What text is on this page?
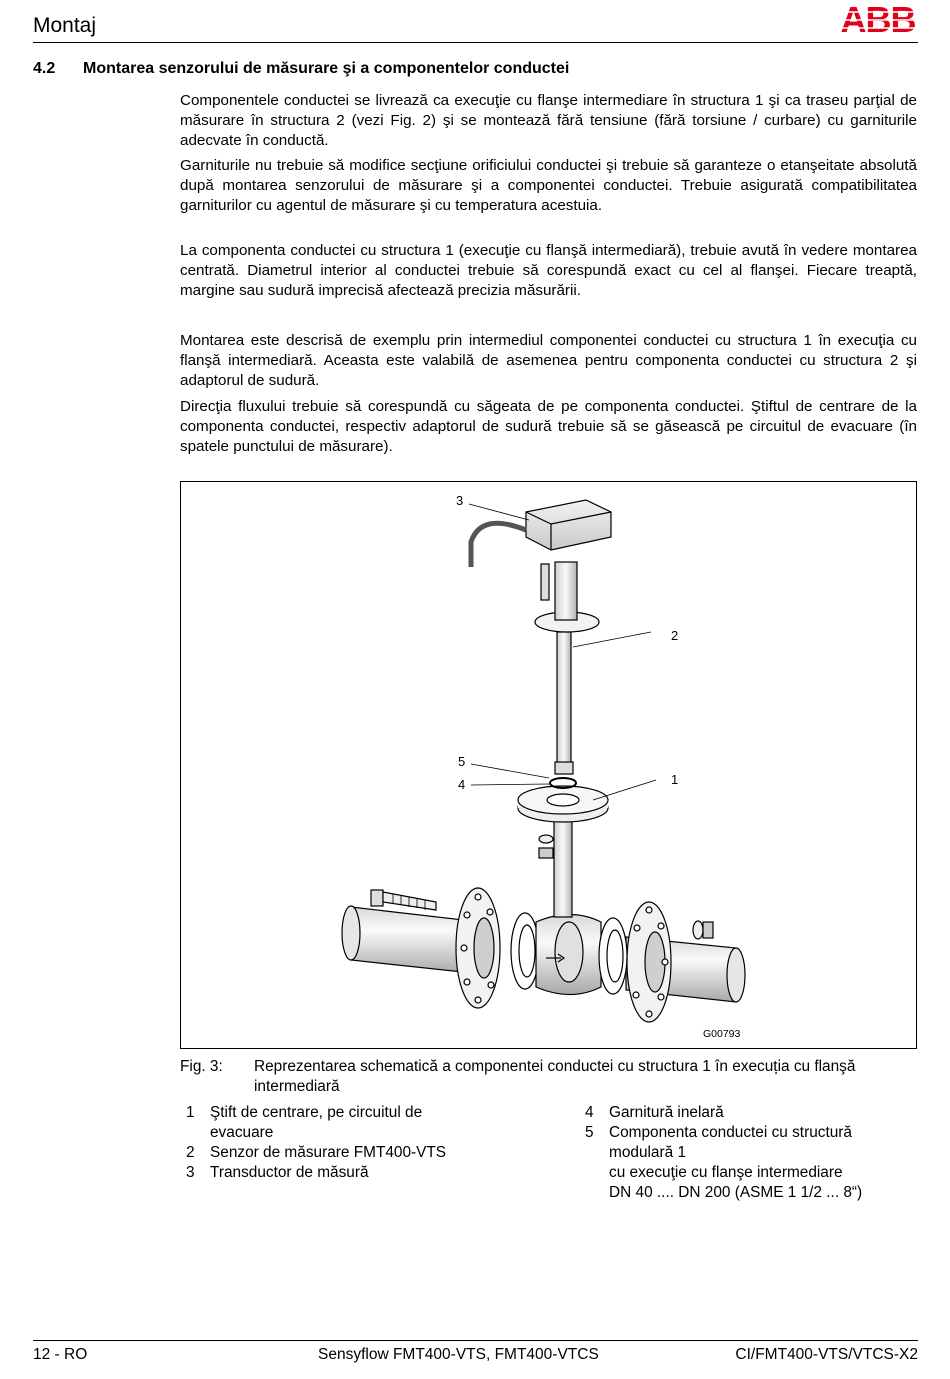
Montaj	ABB
4.2 Montarea senzorului de măsurare şi a componentelor conductei

Componentele conductei se livrează ca execuţie cu flanşe intermediare în structura 1 şi ca traseu parţial de măsurare în structura 2 (vezi Fig. 2) şi se montează fără tensiune (fără torsiune / curbare) cu garniturile adecvate în conductă.

Garniturile nu trebuie să modifice secţiune orificiului conductei şi trebuie să garanteze o etanşeitate absolută după montarea senzorului de măsurare şi a componentei conductei. Trebuie asigurată compatibilitatea garniturilor cu agentul de măsurare şi cu temperatura acestuia.

La componenta conductei cu structura 1 (execuţie cu flanşă intermediară), trebuie avută în vedere montarea centrată. Diametrul interior al conductei trebuie să corespundă exact cu cel al flanşei. Fiecare treaptă, margine sau sudură imprecisă afectează precizia măsurării.

Montarea este descrisă de exemplu prin intermediul componentei conductei cu structura 1 în execuţia cu flanşă intermediară. Aceasta este valabilă de asemenea pentru componenta conductei cu structura 2 şi adaptorul de sudură.

Direcţia fluxului trebuie să corespundă cu săgeata de pe componenta conductei. Ştiftul de centrare de la componenta conductei, respectiv adaptorul de sudură trebuie să se găsească pe circuitul de evacuare (în spatele punctului de măsurare).

3
2
5
4	1
G00793
Fig. 3: Reprezentarea schematică a componentei conductei cu structura 1 în execuția cu flanşă intermediară
1 Ştift de centrare, pe circuitul de
evacuare
2 Senzor de măsurare FMT400-VTS
3 Transductor de măsură
4 Garnitură inelară
5 Componenta conductei cu structură
modulară 1
cu execuţie cu flanşe intermediare
DN 40 .... DN 200 (ASME 1 1/2 ... 8“)
12 - RO	Sensyflow FMT400-VTS, FMT400-VTCS	CI/FMT400-VTS/VTCS-X2
